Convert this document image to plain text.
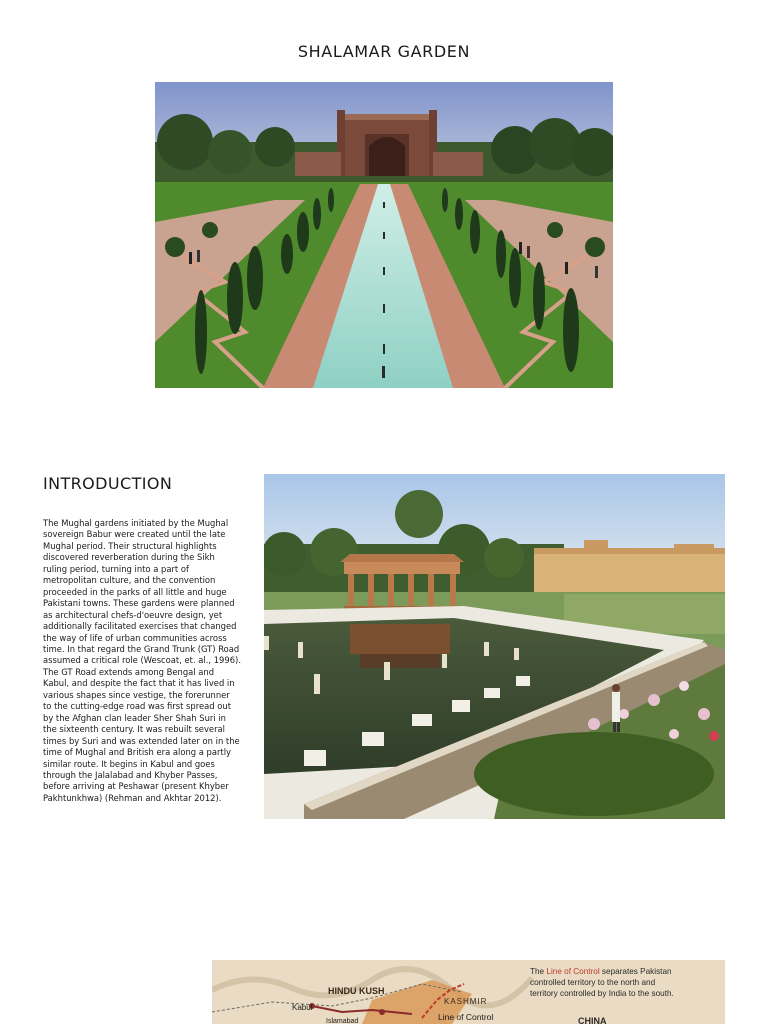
SHALAMAR GARDEN
INTRODUCTION
The Mughal gardens initiated by the Mughal
sovereign Babur were created until the late
Mughal period. Their structural highlights
discovered reverberation during the Sikh
ruling period, turning into a part of
metropolitan culture, and the convention
proceeded in the parks of all little and huge
Pakistani towns. These gardens were planned
as architectural chefs-d'oeuvre design, yet
additionally facilitated exercises that changed
the way of life of urban communities across
time. In that regard the Grand Trunk (GT) Road
assumed a critical role (Wescoat, et. al., 1996).
The GT Road extends among Bengal and
Kabul, and despite the fact that it has lived in
various shapes since vestige, the forerunner
to the cutting-edge road was first spread out
by the Afghan clan leader Sher Shah Suri in
the sixteenth century. It was rebuilt several
times by Suri and was extended later on in the
time of Mughal and British era along a partly
similar route. It begins in Kabul and goes
through the Jalalabad and Khyber Passes,
before arriving at Peshawar (present Khyber
Pakhtunkhwa) (Rehman and Akhtar 2012).
HINDU KUSH
KASHMIR
Kabul
Islamabad	Line of Control	CHINA
The Line of Control separates Pakistan
controlled territory to the north and
territory controlled by India to the south.
